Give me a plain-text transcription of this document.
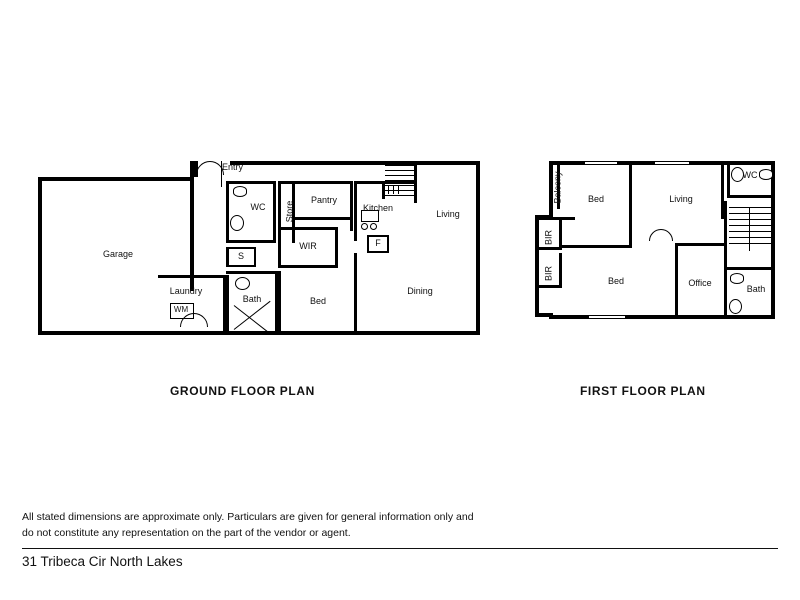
WC	Store
Pantry
Kitchen
F
Living
Dining
S
WIR
Laundry
WM
Bath	Bed
Garage
Entry
GROUND FLOOR PLAN
Balcony
BIR
BIR
Bed	Living
WC
Bath
Office
Bed
FIRST FLOOR PLAN
All stated dimensions are approximate only. Particulars are given for general information only and
do not constitute any representation on the part of the vendor or agent.
31 Tribeca Cir North Lakes
